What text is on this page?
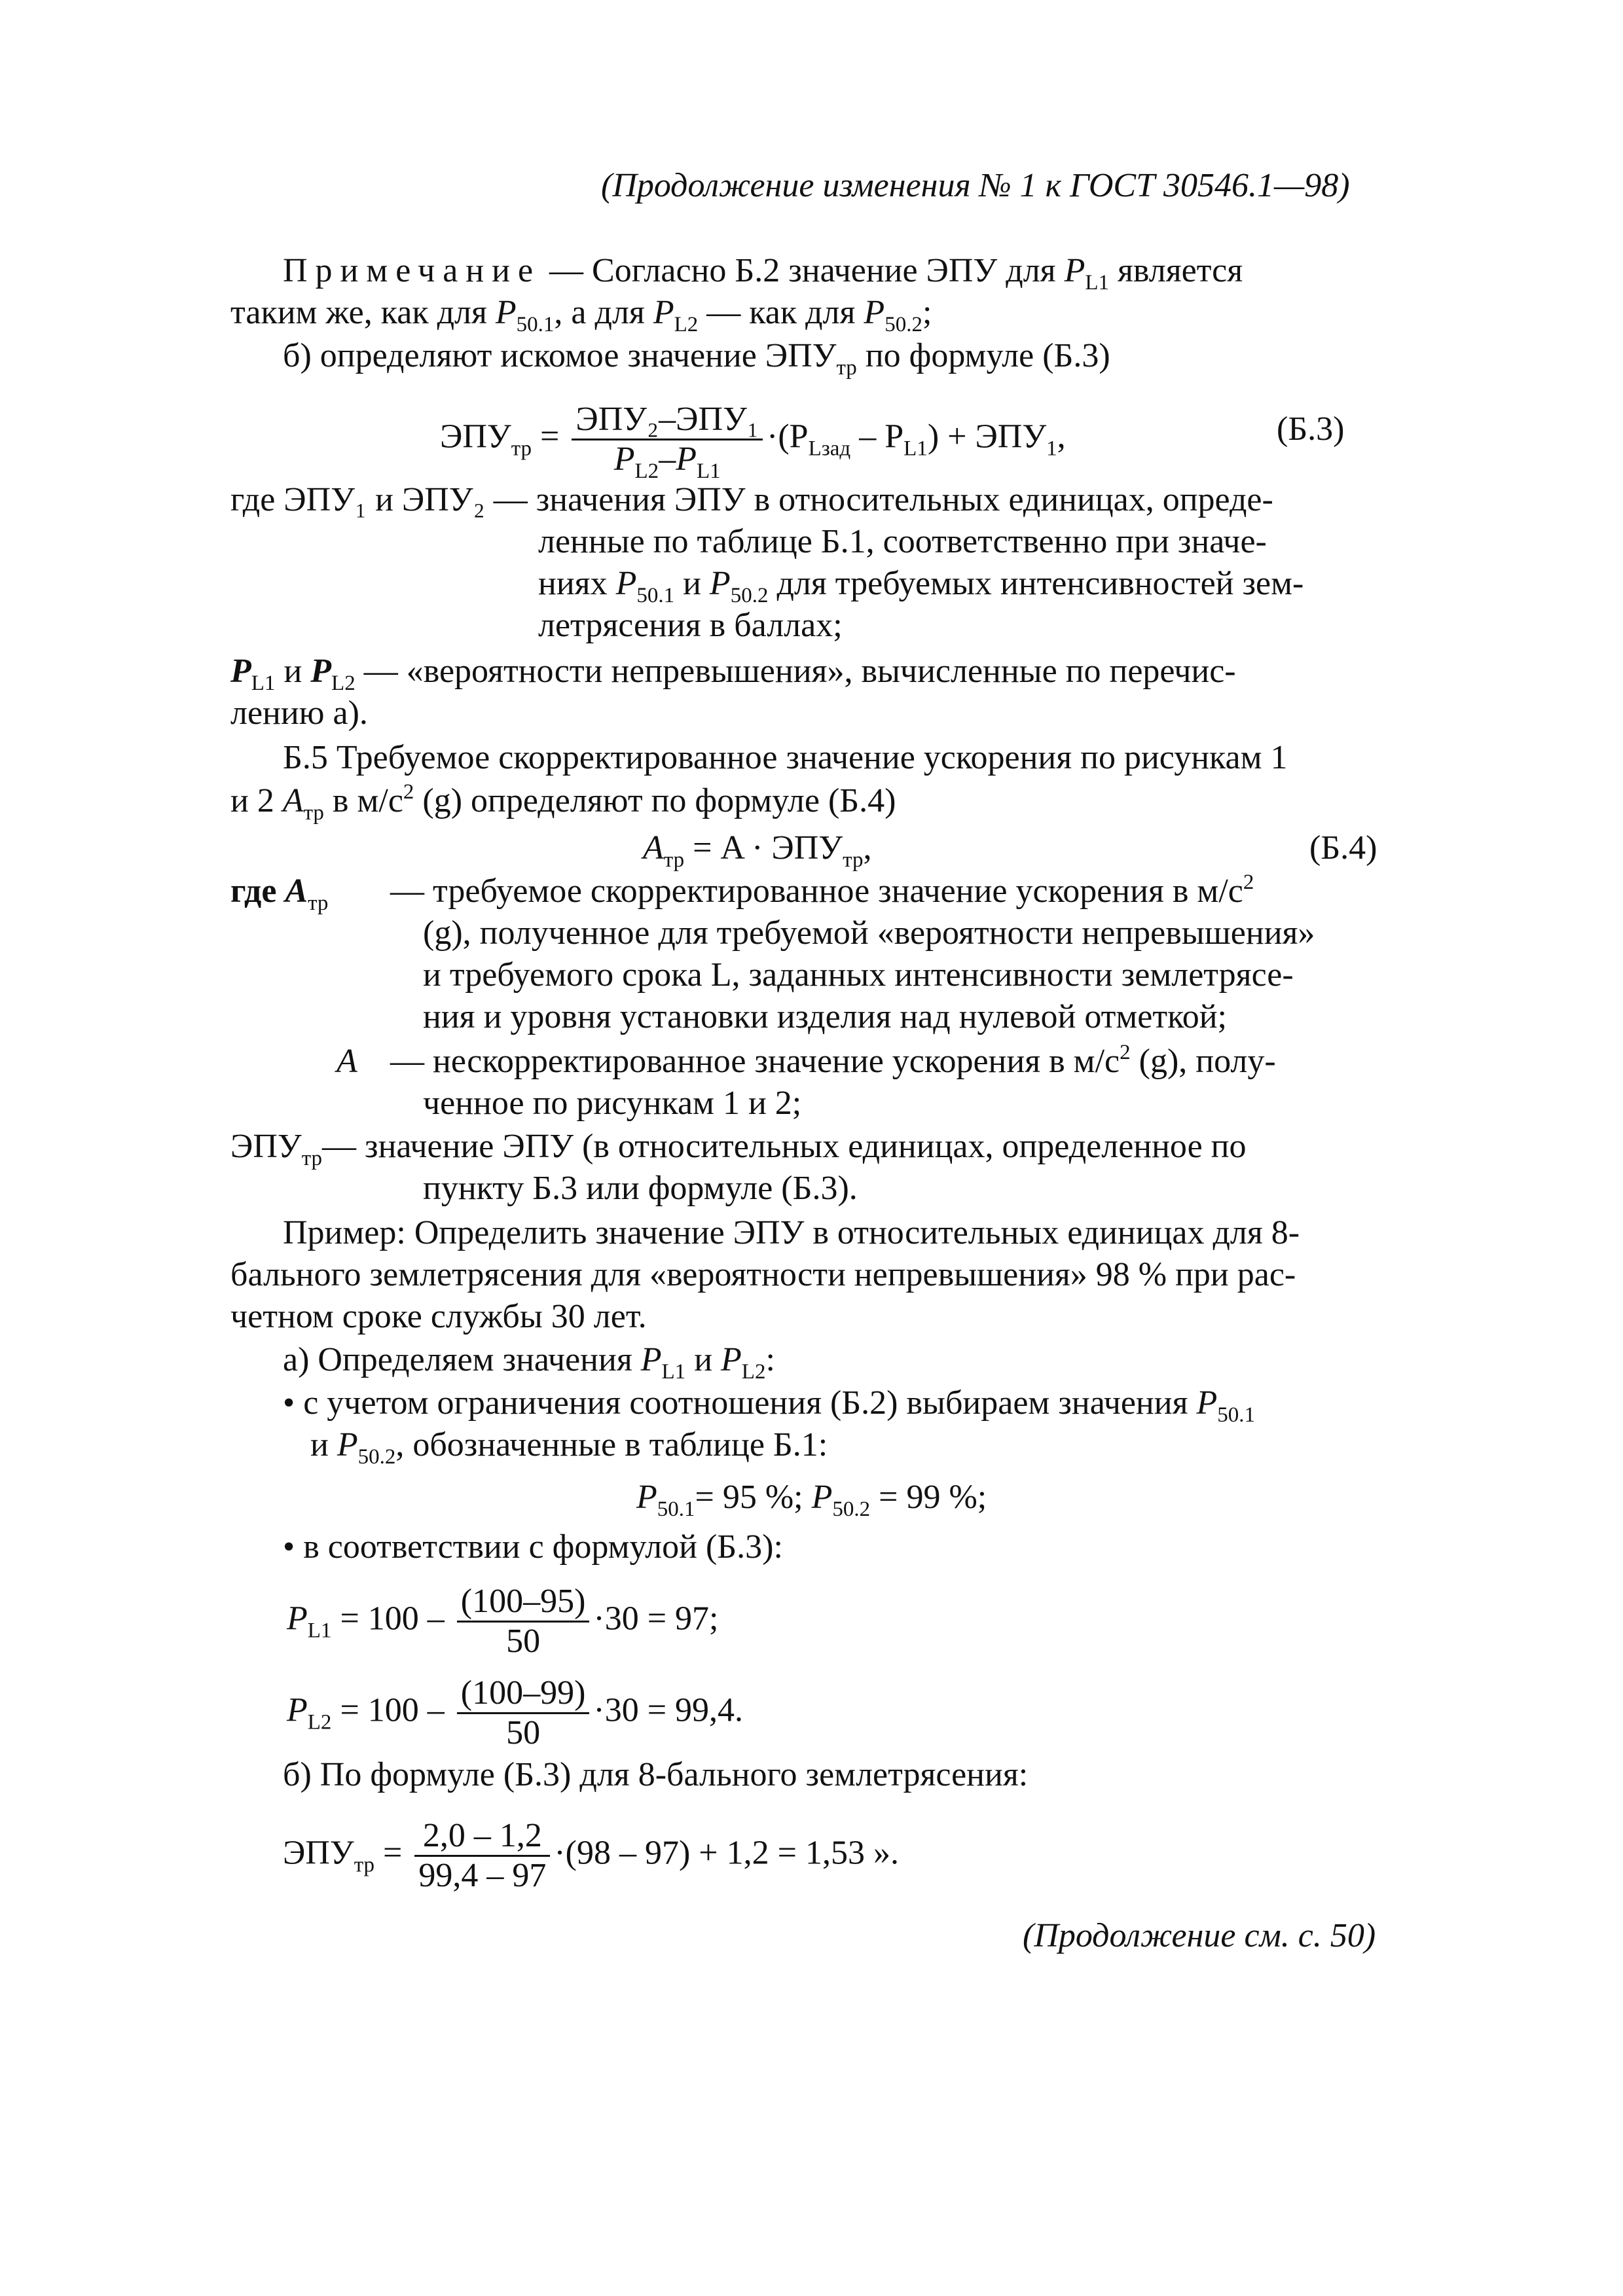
(Продолжение изменения № 1 к ГОСТ 30546.1—98)
Примечание — Согласно Б.2 значение ЭПУ для $P_{L1}$ является
таким же, как для $P_{50.1}$, а для $P_{L2}$ — как для $P_{50.2}$;
б) определяют искомое значение $ЭПУ_{тр}$ по формуле (Б.3)
$ЭПУ_{тр} = ЭПУ_2-ЭПУ_1$
$P_{L2}-P_{L1}$
$\cdot(P_{Lзад} - P_{L1}) + ЭПУ_1$,	(Б.3)
где ЭПУ₁ и ЭПУ₂ — значения ЭПУ в относительных единицах, опреде-
ленные по таблице Б.1, соответственно при значе-
ниях $P_{50.1}$ и $P_{50.2}$ для требуемых интенсивностей зем-
летрясения в баллах;
$P_{L1}$ и $P_{L2}$ — «вероятности непревышения», вычисленные по перечис-
лению а).
Б.5 Требуемое скорректированное значение ускорения по рисункам 1
и 2 $A_{тр}$ в $м/с^2$ (g) определяют по формуле (Б.4)
$A_{тр} = A \cdot ЭПУ_{тр}$,	(Б.4)
где $A_{тр}$ — требуемое скорректированное значение ускорения в $м/с^2$
(g), полученное для требуемой «вероятности непревышения»
и требуемого срока L, заданных интенсивности землетрясе-
ния и уровня установки изделия над нулевой отметкой;
A — нескорректированное значение ускорения в $м/с^2$ (g), полу-
ченное по рисункам 1 и 2;
$ЭПУ_{тр}—$ значение ЭПУ (в относительных единицах, определенное по
пункту Б.3 или формуле (Б.3).
Пример: Определить значение ЭПУ в относительных единицах для 8-
бального землетрясения для «вероятности непревышения» 98 % при рас-
четном сроке службы 30 лет.
а) Определяем значения $P_{L1}$ и $P_{L2}$:
• с учетом ограничения соотношения (Б.2) выбираем значения $P_{50.1}$
и $P_{50.2}$, обозначенные в таблице Б.1:
$P_{50.1}= 95$ %; $P_{50.2} = 99$ %;
• в соответствии с формулой (Б.3):
$P_{L1} = 100 - \frac{(100-95)}{50} \cdot 30 = 97$;
$P_{L2} = 100 - \frac{(100-99)}{50} \cdot 30 = 99,4$.
б) По формуле (Б.3) для 8-бального землетрясения:
$ЭПУ_{тр} = \frac{2,0 - 1,2}{99,4 - 97} \cdot(98 - 97) + 1,2 = 1,53$ ».
(Продолжение см. с. 50)
